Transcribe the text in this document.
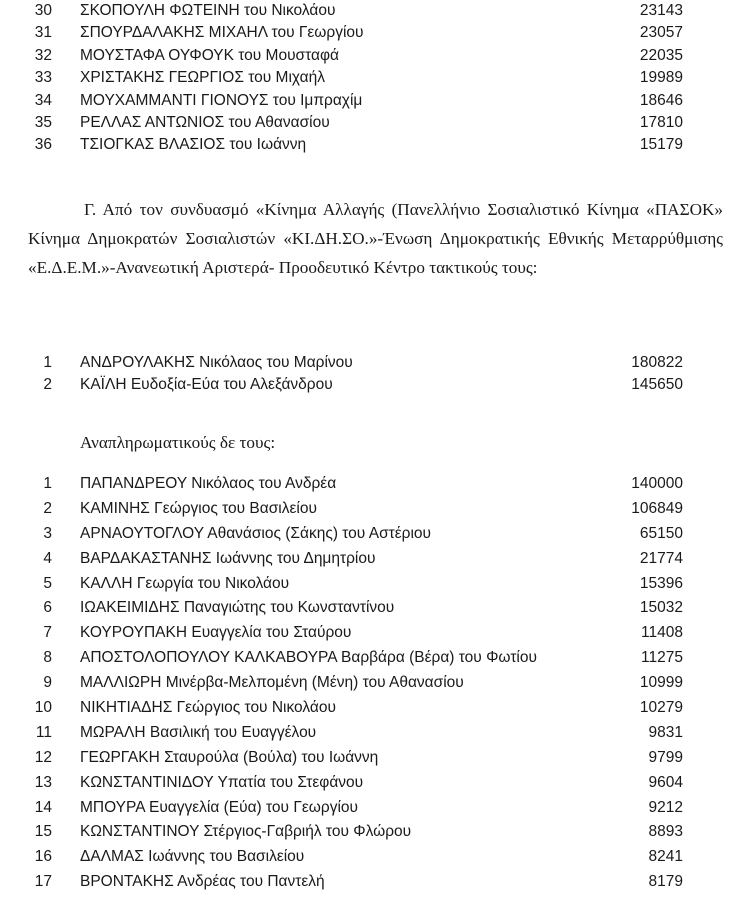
30 ΣΚΟΠΟΥΛΗ ΦΩΤΕΙΝΗ του Νικολάου	23143
31 ΣΠΟΥΡΔΑΛΑΚΗΣ ΜΙΧΑΗΛ του Γεωργίου	23057
32 ΜΟΥΣΤΑΦΑ ΟΥΦΟΥΚ του Μουσταφά	22035
33 ΧΡΙΣΤΑΚΗΣ ΓΕΩΡΓΙΟΣ του Μιχαήλ	19989
34 ΜΟΥΧΑΜΜΑΝΤΙ ΓΙΟΝΟΥΣ του Ιμπραχίμ	18646
35 ΡΕΛΛΑΣ ΑΝΤΩΝΙΟΣ του Αθανασίου	17810
36 ΤΣΙΟΓΚΑΣ ΒΛΑΣΙΟΣ του Ιωάννη	15179

Γ. Από τον συνδυασμό «Κίνημα Αλλαγής (Πανελλήνιο Σοσιαλιστικό Κίνημα «ΠΑΣΟΚ» Κίνημα Δημοκρατών Σοσιαλιστών «ΚΙ.ΔΗ.ΣΟ.»-Ένωση Δημοκρατικής Εθνικής Μεταρρύθμισης «Ε.Δ.Ε.Μ.»-Ανανεωτική Αριστερά- Προοδευτικό Κέντρο τακτικούς τους:

1 ΑΝΔΡΟΥΛΑΚΗΣ Νικόλαος του Μαρίνου	180822
2 ΚΑΪΛΗ Ευδοξία-Εύα του Αλεξάνδρου	145650
Αναπληρωματικούς δε τους:
1 ΠΑΠΑΝΔΡΕΟΥ Νικόλαος του Ανδρέα	140000
2 ΚΑΜΙΝΗΣ Γεώργιος του Βασιλείου	106849
3 ΑΡΝΑΟΥΤΟΓΛΟΥ Αθανάσιος (Σάκης) του Αστέριου	65150
4 ΒΑΡΔΑΚΑΣΤΑΝΗΣ Ιωάννης του Δημητρίου	21774
5 ΚΑΛΛΗ Γεωργία του Νικολάου	15396
6 ΙΩΑΚΕΙΜΙΔΗΣ Παναγιώτης του Κωνσταντίνου	15032
7 ΚΟΥΡΟΥΠΑΚΗ Ευαγγελία του Σταύρου	11408
8 ΑΠΟΣΤΟΛΟΠΟΥΛΟΥ ΚΑΛΚΑΒΟΥΡΑ Βαρβάρα (Βέρα) του Φωτίου	11275
9 ΜΑΛΛΙΩΡΗ Μινέρβα-Μελπομένη (Μένη) του Αθανασίου	10999
10 ΝΙΚΗΤΙΑΔΗΣ Γεώργιος του Νικολάου	10279
11 ΜΩΡΑΛΗ Βασιλική του Ευαγγέλου	9831
12 ΓΕΩΡΓΑΚΗ Σταυρούλα (Βούλα) του Ιωάννη	9799
13 ΚΩΝΣΤΑΝΤΙΝΙΔΟΥ Υπατία του Στεφάνου	9604
14 ΜΠΟΥΡΑ Ευαγγελία (Εύα) του Γεωργίου	9212
15 ΚΩΝΣΤΑΝΤΙΝΟΥ Στέργιος-Γαβριήλ του Φλώρου	8893
16 ΔΑΛΜΑΣ Ιωάννης του Βασιλείου	8241
17 ΒΡΟΝΤΑΚΗΣ Ανδρέας του Παντελή	8179
